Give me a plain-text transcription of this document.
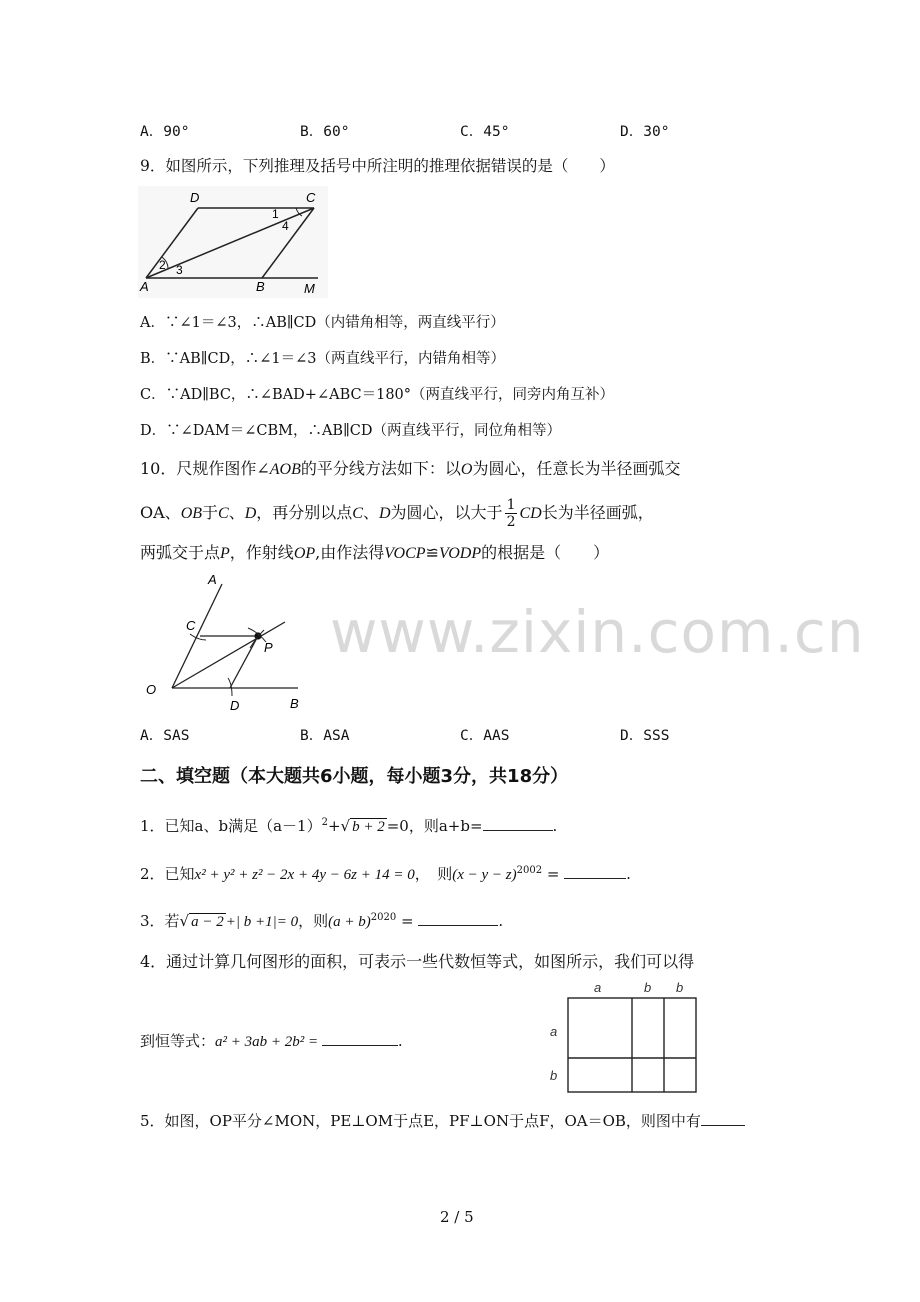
A．90°	B．60°	C．45°	D．30°
9．如图所示，下列推理及括号中所注明的推理依据错误的是（　　）
D	C
A	B	M
1
2 3
4
A．∵∠1＝∠3，∴AB∥CD（内错角相等，两直线平行）
B．∵AB∥CD，∴∠1＝∠3（两直线平行，内错角相等）
C．∵AD∥BC，∴∠BAD+∠ABC＝180°（两直线平行，同旁内角互补）
D．∵∠DAM＝∠CBM，∴AB∥CD（两直线平行，同位角相等）
10．尺规作图作∠AOB的平分线方法如下：以O为圆心，任意长为半径画弧交
OA、OB于C、D，再分别以点C、D为圆心，以大于 $\frac{1}{2}$ CD长为半径画弧，
两弧交于点P，作射线OP,由作法得VOCP≌VODP的根据是（　　）
A
C
P
O
D	B
www.zixin.com.cn
A．SAS	B．ASA	C．AAS	D．SSS
二、填空题（本大题共6小题，每小题3分，共18分）
1．已知a、b满足$(a-1)^2+√$ b + 2 =0，则a+b=	.
2．已知x² + y² + z² − 2x + 4y − 6z + 14 = 0，　则$(x - y - z)^{2002}$ =	.
3．若√ a − 2 +| b +1|= 0，则$(a + b)^{2020}$ =	.
4．通过计算几何图形的面积，可表示一些代数恒等式，如图所示，我们可以得
到恒等式：a² + 3ab + 2b² =	.
a	b b
a
b
5．如图，OP平分∠MON，PE⊥OM于点E，PF⊥ON于点F，OA＝OB，则图中有
2 / 5
